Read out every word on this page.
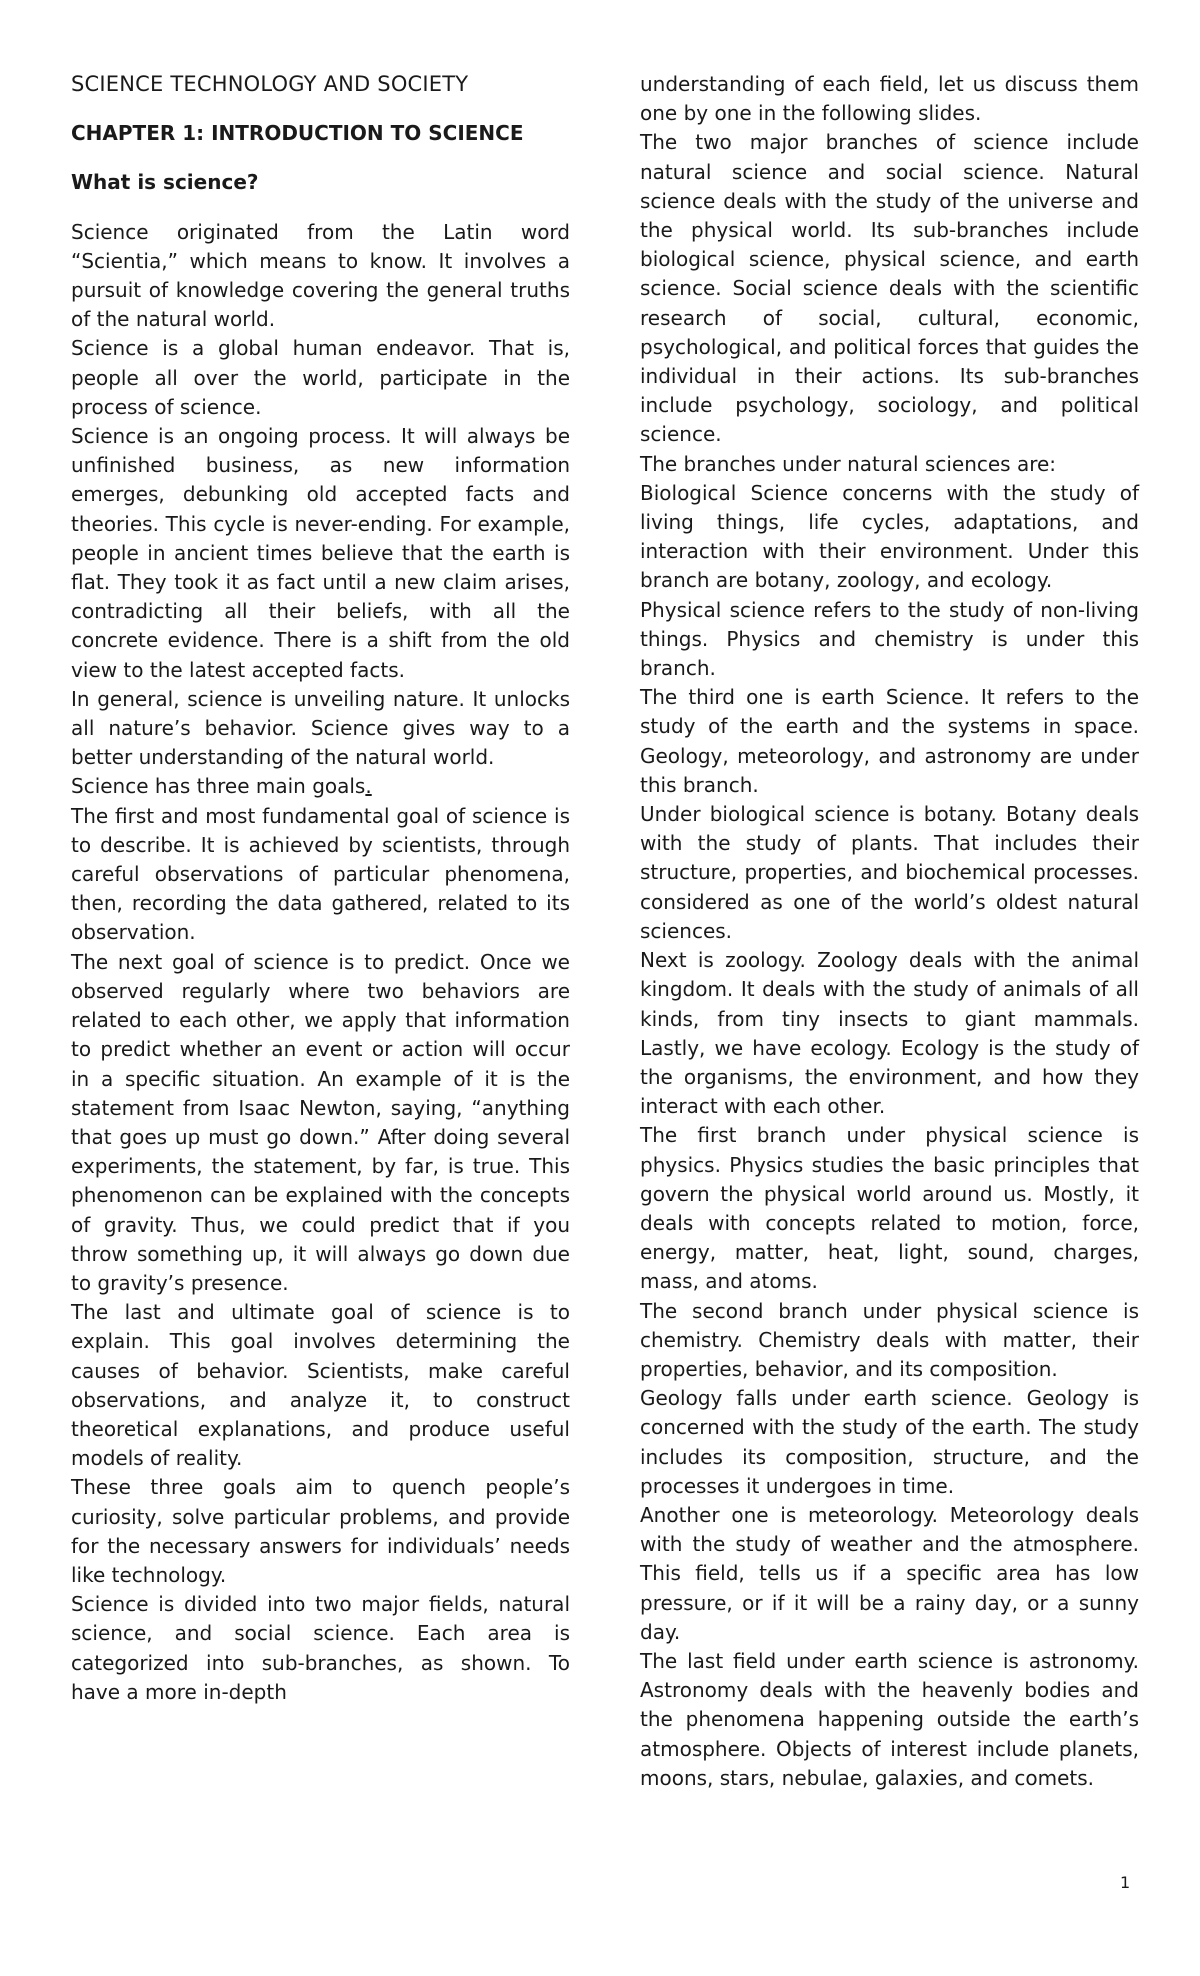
SCIENCE TECHNOLOGY AND SOCIETY
CHAPTER 1: INTRODUCTION TO SCIENCE
What is science?

Science originated from the Latin word “Scientia,” which means to know. It involves a pursuit of knowledge covering the general truths of the natural world.

Science is a global human endeavor. That is, people all over the world, participate in the process of science.

Science is an ongoing process. It will always be unfinished business, as new information emerges, debunking old accepted facts and theories. This cycle is never-ending. For example, people in ancient times believe that the earth is flat. They took it as fact until a new claim arises, contradicting all their beliefs, with all the concrete evidence. There is a shift from the old view to the latest accepted facts.

In general, science is unveiling nature. It unlocks all nature’s behavior. Science gives way to a better understanding of the natural world.

Science has three main goals.

The first and most fundamental goal of science is to describe. It is achieved by scientists, through careful observations of particular phenomena, then, recording the data gathered, related to its observation.

The next goal of science is to predict. Once we observed regularly where two behaviors are related to each other, we apply that information to predict whether an event or action will occur in a specific situation. An example of it is the statement from Isaac Newton, saying, “anything that goes up must go down.” After doing several experiments, the statement, by far, is true. This phenomenon can be explained with the concepts of gravity. Thus, we could predict that if you throw something up, it will always go down due to gravity’s presence.

The last and ultimate goal of science is to explain. This goal involves determining the causes of behavior. Scientists, make careful observations, and analyze it, to construct theoretical explanations, and produce useful models of reality.

These three goals aim to quench people’s curiosity, solve particular problems, and provide for the necessary answers for individuals’ needs like technology.

Science is divided into two major fields, natural science, and social science. Each area is categorized into sub-branches, as shown. To have a more in-depth

understanding of each field, let us discuss them one by one in the following slides.

The two major branches of science include natural science and social science. Natural science deals with the study of the universe and the physical world. Its sub-branches include biological science, physical science, and earth science. Social science deals with the scientific research of social, cultural, economic, psychological, and political forces that guides the individual in their actions. Its sub-branches include psychology, sociology, and political science.

The branches under natural sciences are:

Biological Science concerns with the study of living things, life cycles, adaptations, and interaction with their environment. Under this branch are botany, zoology, and ecology.

Physical science refers to the study of non-living things. Physics and chemistry is under this branch.

The third one is earth Science. It refers to the study of the earth and the systems in space. Geology, meteorology, and astronomy are under this branch.

Under biological science is botany. Botany deals with the study of plants. That includes their structure, properties, and biochemical processes. considered as one of the world’s oldest natural sciences.

Next is zoology. Zoology deals with the animal kingdom. It deals with the study of animals of all kinds, from tiny insects to giant mammals. Lastly, we have ecology. Ecology is the study of the organisms, the environment, and how they interact with each other.

The first branch under physical science is physics. Physics studies the basic principles that govern the physical world around us. Mostly, it deals with concepts related to motion, force, energy, matter, heat, light, sound, charges, mass, and atoms.

The second branch under physical science is chemistry. Chemistry deals with matter, their properties, behavior, and its composition.

Geology falls under earth science. Geology is concerned with the study of the earth. The study includes its composition, structure, and the processes it undergoes in time.

Another one is meteorology. Meteorology deals with the study of weather and the atmosphere. This field, tells us if a specific area has low pressure, or if it will be a rainy day, or a sunny day.

The last field under earth science is astronomy. Astronomy deals with the heavenly bodies and the phenomena happening outside the earth’s atmosphere. Objects of interest include planets, moons, stars, nebulae, galaxies, and comets.

1
